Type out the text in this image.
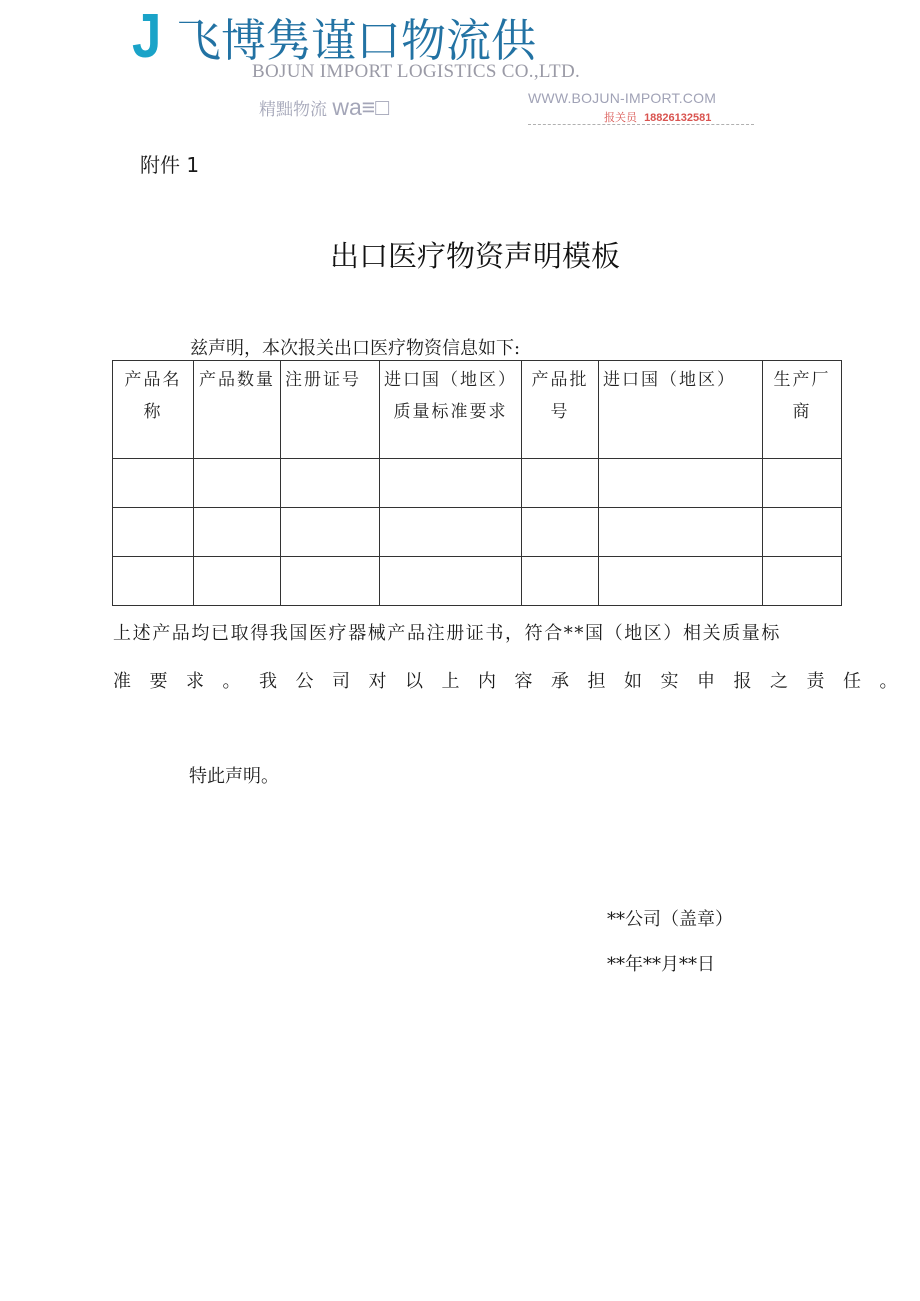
J 飞博隽谨口物流供
BOJUN IMPORT LOGISTICS CO.,LTD.
精黜物流 wa≡□	WWW.BOJUN-IMPORT.COM
报关员 18826132581
附件 1
出口医疗物资声明模板
兹声明，本次报关出口医疗物资信息如下:
产品名称	产品数量	注册证号	进口国（地区）质量标准要求	产品批号	进口国（地区）	生产厂商

上述产品均已取得我国医疗器械产品注册证书，符合**国（地区）相关质量标
准要求。我公司对以上内容承担如实申报之责任。
特此声明。
**公司（盖章）
**年**月**日
